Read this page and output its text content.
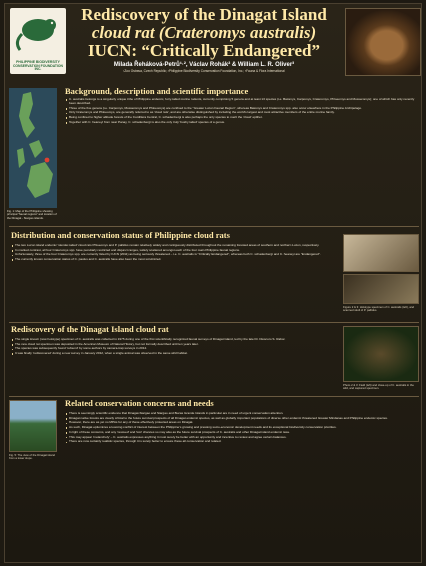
PHILIPPINE BIODIVERSITY CONSERVATION FOUNDATION INC.
Rediscovery of the Dinagat Island
cloud rat (Crateromys australis)
IUCN: “Critically Endangered”
Milada Řeháková-Petrů¹·², Václav Rohák² & William L. R. Oliver³
¹Zoo Ostrava, Czech Republic; ²Philippine Biodiversity Conservation Foundation, Inc.; ³Fauna & Flora International
Fig. 1: Map of the Philippine showing principal "faunal regions" and location of the Dinagat - Siargao islands.
Background, description and scientific importance
C. australis belongs to a singularly unique tribe of Philippine endemic, furry-tailed murine rodents, currently comprising 5 genera and at least 13 species (i.e. Batomys, Carpomys, Crateromys, Phloeomys and Musseromys); one of which has only recently been described.
Three of the five genera (i.e. Carpomys, Musseromys and Phloeomys) are confined to the "Greater Luzon Faunal Region", whereas Batomys and Crateromys spp. also occur elsewhere in the Philippine Archipelago.
Only Crateromys and Phloeomys, are generally referred to as 'cloud rats', and are otherwise distinguished by including the world's largest and most attractive members of the entire murine family.
Being confined to higher altitude forests of the Cordillera Central, C. schadenbergi is also perhaps the only species to merit the 'cloud' epithet.
Together with C. heaneyi from near Panay, C. schadenbergi is also the only truly 'bushy tailed' species of a genus.
Distribution and conservation status of Philippine cloud rats
The two Luzon island endemic 'slender-tailed' cloud rats Phloeomys and P. pallidus remain relatively widely and contiguously distributed throughout the remaining forested areas of southern and northern Luzon, respectively.
In marked contrast, all four Crateromys spp. have peculiarly restricted and disjunct ranges, widely scattered amongst each of the four main Philippine faunal regions.
Unfortunately, three of the four Crateromys spp. are currently listed by IUCN (2011) as being seriously threatened – i.e. C. australis is "Critically Endangered", whereas both C. schadenbergi and C. heaneyi are "Endangered".
The currently known conservation status of C. paulus and C. australis have also been the most scrutinized.
Figure 2 & 3: Holotype specimen of C. australis (left), and scanned skull of P. pallidus.
Rediscovery of the Dinagat Island cloud rat
The single known (now holotype) specimen of C. australis was collected in 1975 during one of the first scientifically recognized faunal surveys of Dinagat Island, led by the late Dr. Dioscoro S. Rabor.
The new cloud rat specimen was deposited in the American Museum of Natural History, but not formally described until ten years later.
The species was subsequently found 'refound' by some authors by camera-trap surveys in 2012.
It was finally 'rediscovered' during a new survey in January 2012, when a single animal was observed in the same wild habitat.
Photo 2 & 3: Field (left) and close-up of C. australis in the wild, and captured specimen.
Fig. 5: The view of the Dinagat island from a lower slope.
Related conservation concerns and needs
There is seemingly scientific evidence that Dinagat-Siargao and Siargao and Bucas Grande Islands in particular are in need of urgent conservation attention.
Dinagat native forests are clearly critical to the future survival prospects of all Dinagat endemic species, as well as globally important populations of diverse other endemic threatened Greater Mindanao and Philippine endemic species.
However, there are as yet no MPAs for any of these effectively protected areas on Dinagat.
As such, Dinagat epitomizes a looming conflict of interest between the Philippine's growing and pressing socio-economic development needs and its exceptional biodiversity conservation priorities.
In light of these concerns, and any 'rescued' and 'lost' chances so may also as the future survival prospects of C. australis and other Dinagat island endemic taxa.
This may appear 'melancholy' – C. australis expresses anything it must surely be better with an opportunity and incentive to review and agree certain balances.
There are now certainly realistic species, through it is surely better to ensure these all conservation and related.
